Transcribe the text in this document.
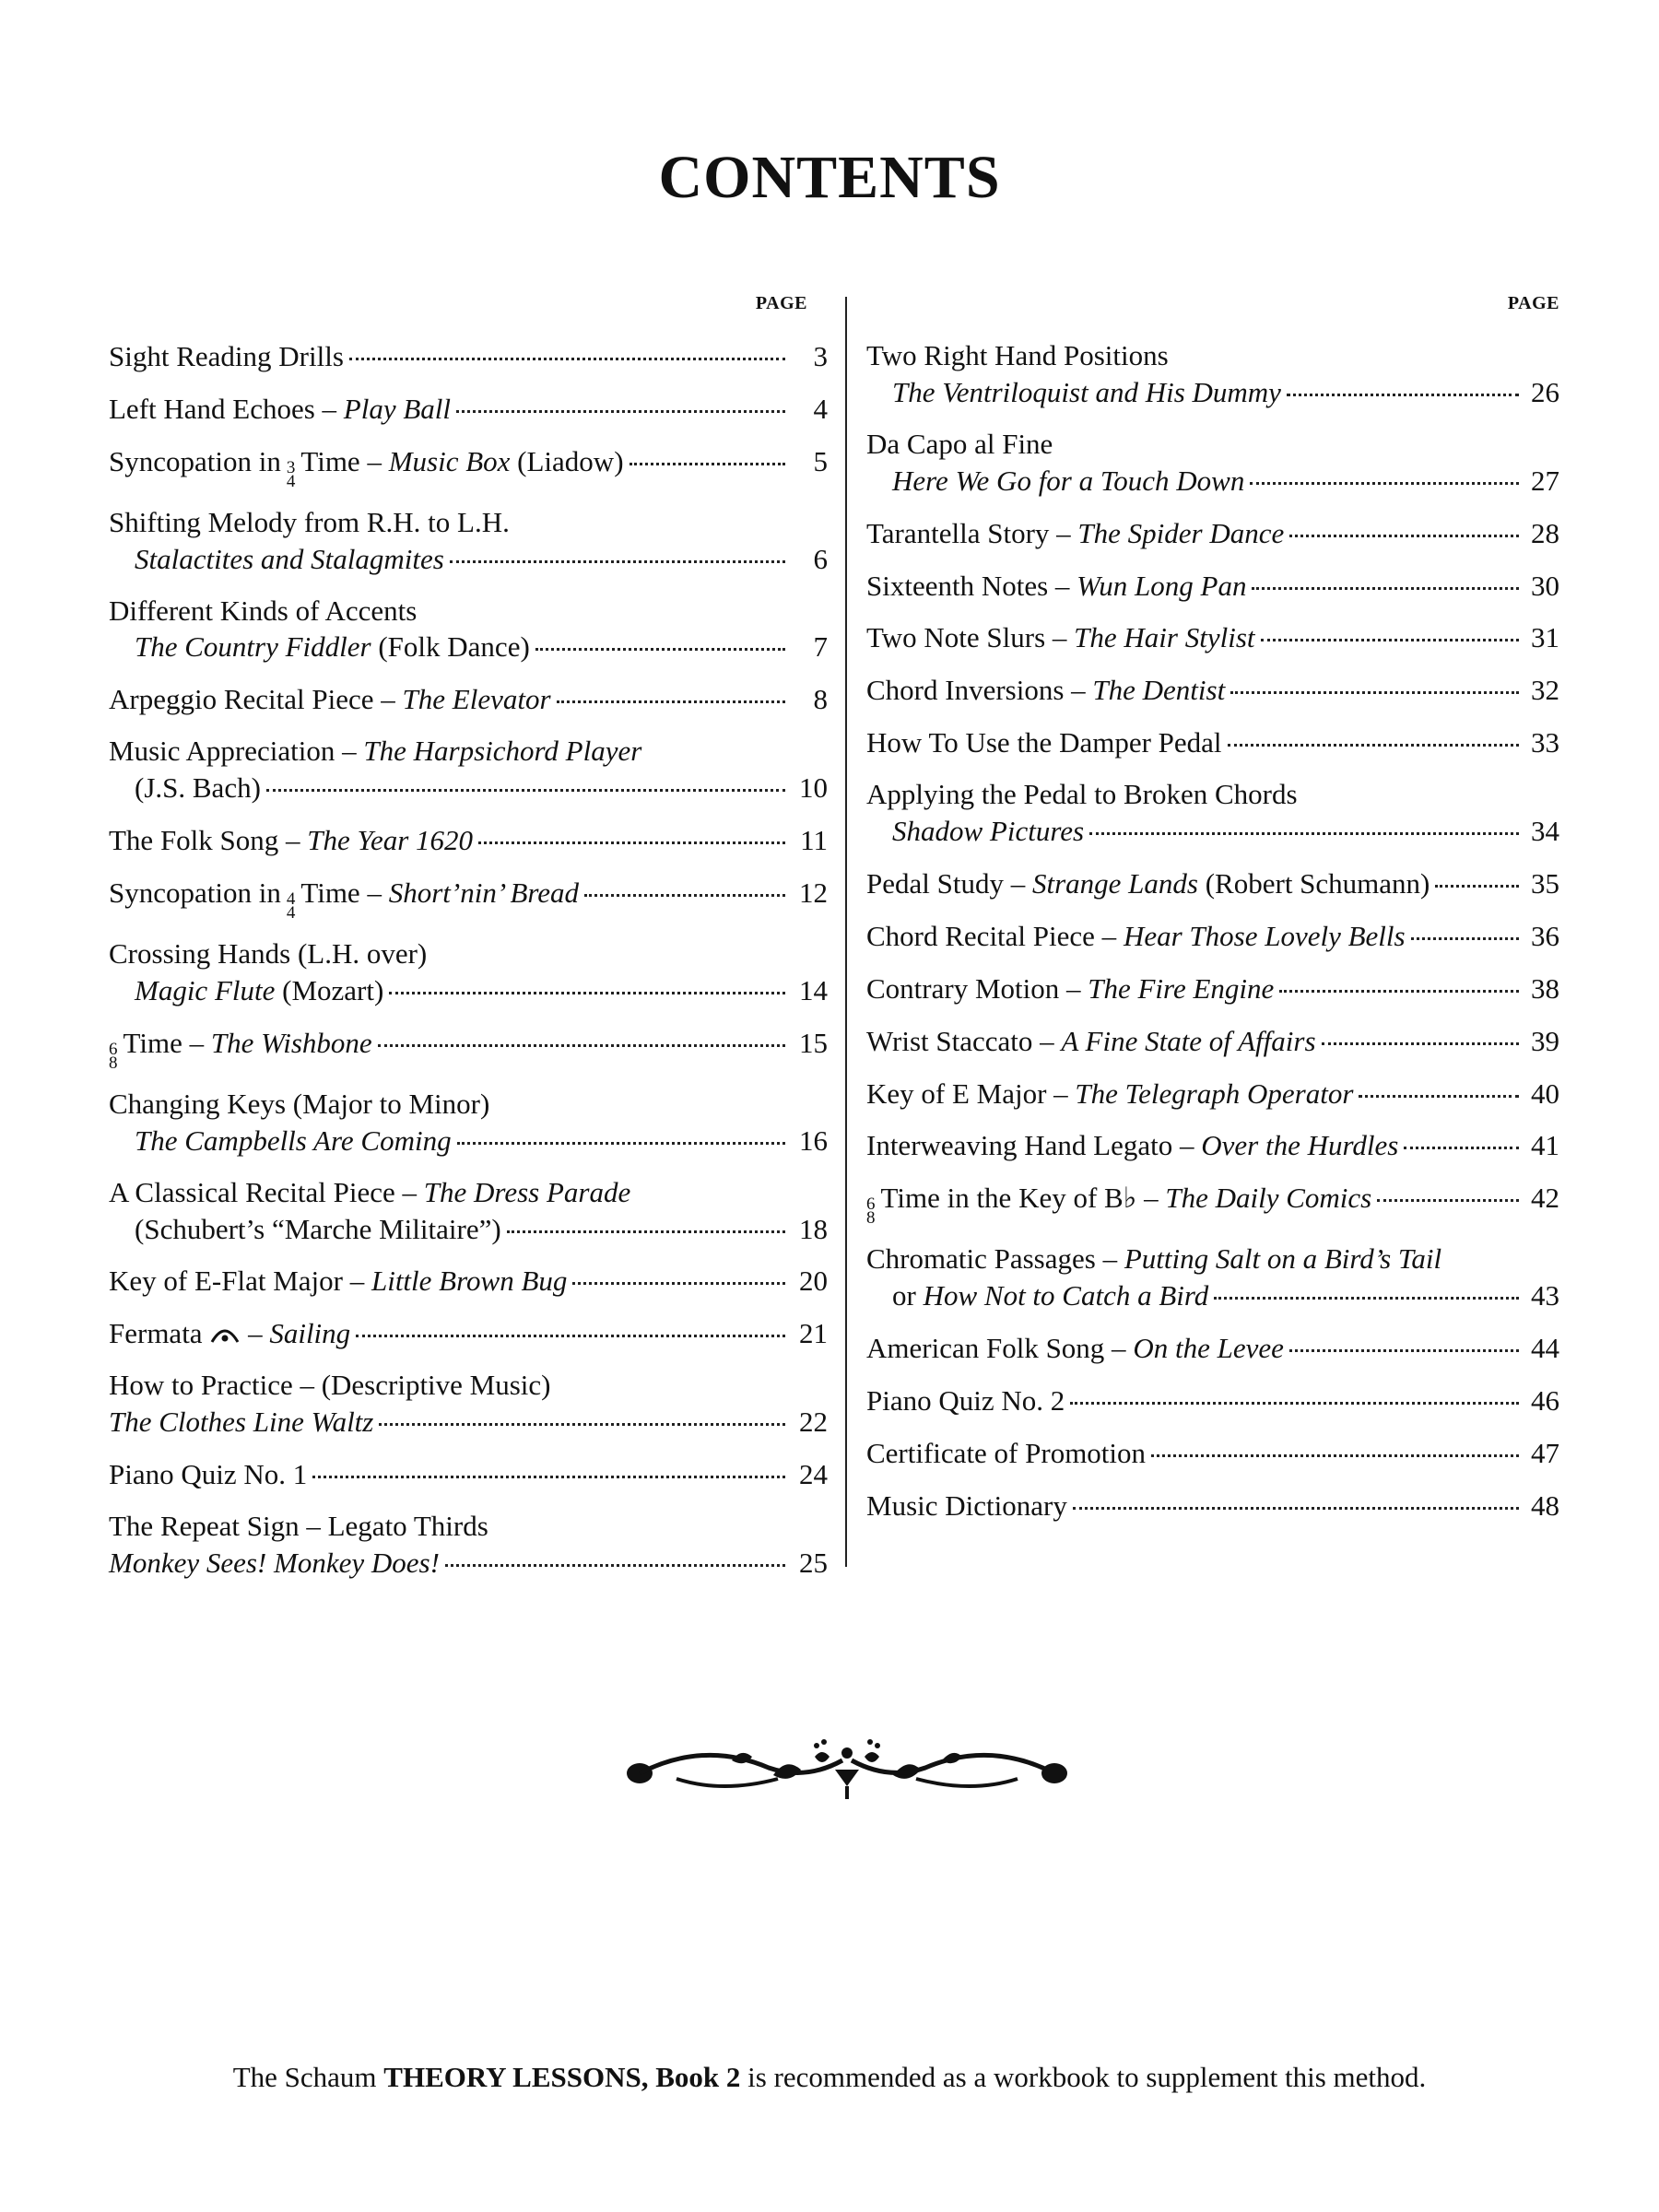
CONTENTS
PAGE
Sight Reading Drills	3
Left Hand Echoes – Play Ball	4
Syncopation in 3
4
Time – Music Box (Liadow)	5
Shifting Melody from R.H. to L.H.
Stalactites and Stalagmites	6
Different Kinds of Accents
The Country Fiddler (Folk Dance)	7
Arpeggio Recital Piece – The Elevator	8
Music Appreciation – The Harpsichord Player
(J.S. Bach)	10
The Folk Song – The Year 1620	11
Syncopation in 4
4
Time – Short’nin’ Bread	12
Crossing Hands (L.H. over)
Magic Flute (Mozart)	14
6
8
Time – The Wishbone	15
Changing Keys (Major to Minor)
The Campbells Are Coming	16
A Classical Recital Piece – The Dress Parade
(Schubert’s “Marche Militaire”)	18
Key of E-Flat Major – Little Brown Bug	20
Fermata  – Sailing	21
How to Practice – (Descriptive Music)
The Clothes Line Waltz	22
Piano Quiz No. 1	24
The Repeat Sign – Legato Thirds
Monkey Sees! Monkey Does!	25
PAGE
Two Right Hand Positions
The Ventriloquist and His Dummy	26
Da Capo al Fine
Here We Go for a Touch Down	27
Tarantella Story – The Spider Dance	28
Sixteenth Notes – Wun Long Pan	30
Two Note Slurs – The Hair Stylist	31
Chord Inversions – The Dentist	32
How To Use the Damper Pedal	33
Applying the Pedal to Broken Chords
Shadow Pictures	34
Pedal Study – Strange Lands (Robert Schumann)	35
Chord Recital Piece – Hear Those Lovely Bells	36
Contrary Motion – The Fire Engine	38
Wrist Staccato – A Fine State of Affairs	39
Key of E Major – The Telegraph Operator	40
Interweaving Hand Legato – Over the Hurdles	41
6
8
Time in the Key of B♭ – The Daily Comics	42
Chromatic Passages – Putting Salt on a Bird’s Tail
or How Not to Catch a Bird	43
American Folk Song – On the Levee	44
Piano Quiz No. 2	46
Certificate of Promotion	47
Music Dictionary	48
The Schaum THEORY LESSONS, Book 2 is recommended as a workbook to supplement this method.
